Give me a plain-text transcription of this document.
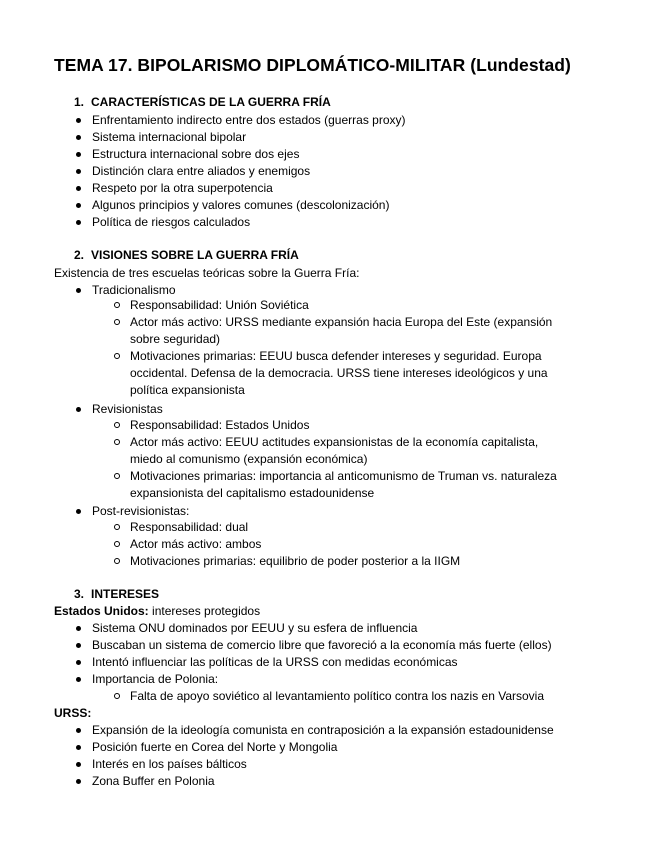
TEMA 17. BIPOLARISMO DIPLOMÁTICO-MILITAR (Lundestad)
1. CARACTERÍSTICAS DE LA GUERRA FRÍA
Enfrentamiento indirecto entre dos estados (guerras proxy)
Sistema internacional bipolar
Estructura internacional sobre dos ejes
Distinción clara entre aliados y enemigos
Respeto por la otra superpotencia
Algunos principios y valores comunes (descolonización)
Política de riesgos calculados
2. VISIONES SOBRE LA GUERRA FRÍA
Existencia de tres escuelas teóricas sobre la Guerra Fría:
Tradicionalismo
Responsabilidad: Unión Soviética
Actor más activo: URSS mediante expansión hacia Europa del Este (expansión
sobre seguridad)
Motivaciones primarias: EEUU busca defender intereses y seguridad. Europa
occidental. Defensa de la democracia. URSS tiene intereses ideológicos y una
política expansionista
Revisionistas
Responsabilidad: Estados Unidos
Actor más activo: EEUU actitudes expansionistas de la economía capitalista,
miedo al comunismo (expansión económica)
Motivaciones primarias: importancia al anticomunismo de Truman vs. naturaleza
expansionista del capitalismo estadounidense
Post-revisionistas:
Responsabilidad: dual
Actor más activo: ambos
Motivaciones primarias: equilibrio de poder posterior a la IIGM
3. INTERESES
Estados Unidos: intereses protegidos
Sistema ONU dominados por EEUU y su esfera de influencia
Buscaban un sistema de comercio libre que favoreció a la economía más fuerte (ellos)
Intentó influenciar las políticas de la URSS con medidas económicas
Importancia de Polonia:
Falta de apoyo soviético al levantamiento político contra los nazis en Varsovia
URSS:
Expansión de la ideología comunista en contraposición a la expansión estadounidense
Posición fuerte en Corea del Norte y Mongolia
Interés en los países bálticos
Zona Buffer en Polonia
